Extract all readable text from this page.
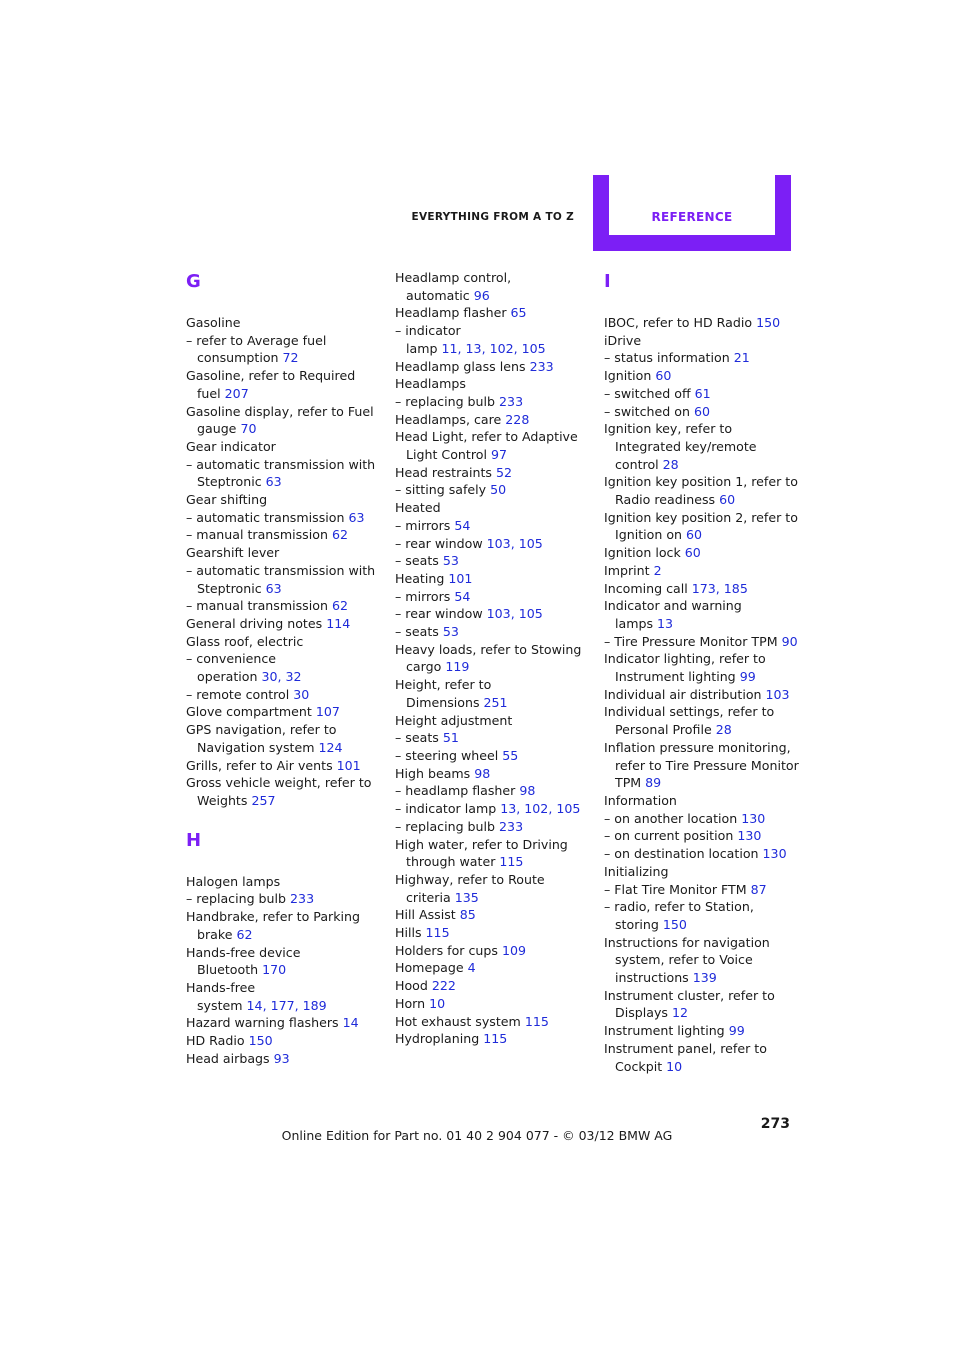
EVERYTHING FROM A TO Z	REFERENCE
G
Gasoline
– refer to Average fuel
consumption 72
Gasoline, refer to Required
fuel 207
Gasoline display, refer to Fuel
gauge 70
Gear indicator
– automatic transmission with
Steptronic 63
Gear shifting
– automatic transmission 63
– manual transmission 62
Gearshift lever
– automatic transmission with
Steptronic 63
– manual transmission 62
General driving notes 114
Glass roof, electric
– convenience
operation 30, 32
– remote control 30
Glove compartment 107
GPS navigation, refer to
Navigation system 124
Grills, refer to Air vents 101
Gross vehicle weight, refer to
Weights 257
H
Halogen lamps
– replacing bulb 233
Handbrake, refer to Parking
brake 62
Hands-free device
Bluetooth 170
Hands-free
system 14, 177, 189
Hazard warning flashers 14
HD Radio 150
Head airbags 93
Headlamp control,
automatic 96
Headlamp flasher 65
– indicator
lamp 11, 13, 102, 105
Headlamp glass lens 233
Headlamps
– replacing bulb 233
Headlamps, care 228
Head Light, refer to Adaptive
Light Control 97
Head restraints 52
– sitting safely 50
Heated
– mirrors 54
– rear window 103, 105
– seats 53
Heating 101
– mirrors 54
– rear window 103, 105
– seats 53
Heavy loads, refer to Stowing
cargo 119
Height, refer to
Dimensions 251
Height adjustment
– seats 51
– steering wheel 55
High beams 98
– headlamp flasher 98
– indicator lamp 13, 102, 105
– replacing bulb 233
High water, refer to Driving
through water 115
Highway, refer to Route
criteria 135
Hill Assist 85
Hills 115
Holders for cups 109
Homepage 4
Hood 222
Horn 10
Hot exhaust system 115
Hydroplaning 115
I
IBOC, refer to HD Radio 150
iDrive
– status information 21
Ignition 60
– switched off 61
– switched on 60
Ignition key, refer to
Integrated key/remote
control 28
Ignition key position 1, refer to
Radio readiness 60
Ignition key position 2, refer to
Ignition on 60
Ignition lock 60
Imprint 2
Incoming call 173, 185
Indicator and warning
lamps 13
– Tire Pressure Monitor TPM 90
Indicator lighting, refer to
Instrument lighting 99
Individual air distribution 103
Individual settings, refer to
Personal Profile 28
Inflation pressure monitoring,
refer to Tire Pressure Monitor
TPM 89
Information
– on another location 130
– on current position 130
– on destination location 130
Initializing
– Flat Tire Monitor FTM 87
– radio, refer to Station,
storing 150
Instructions for navigation
system, refer to Voice
instructions 139
Instrument cluster, refer to
Displays 12
Instrument lighting 99
Instrument panel, refer to
Cockpit 10
273
Online Edition for Part no. 01 40 2 904 077 - © 03/12 BMW AG
